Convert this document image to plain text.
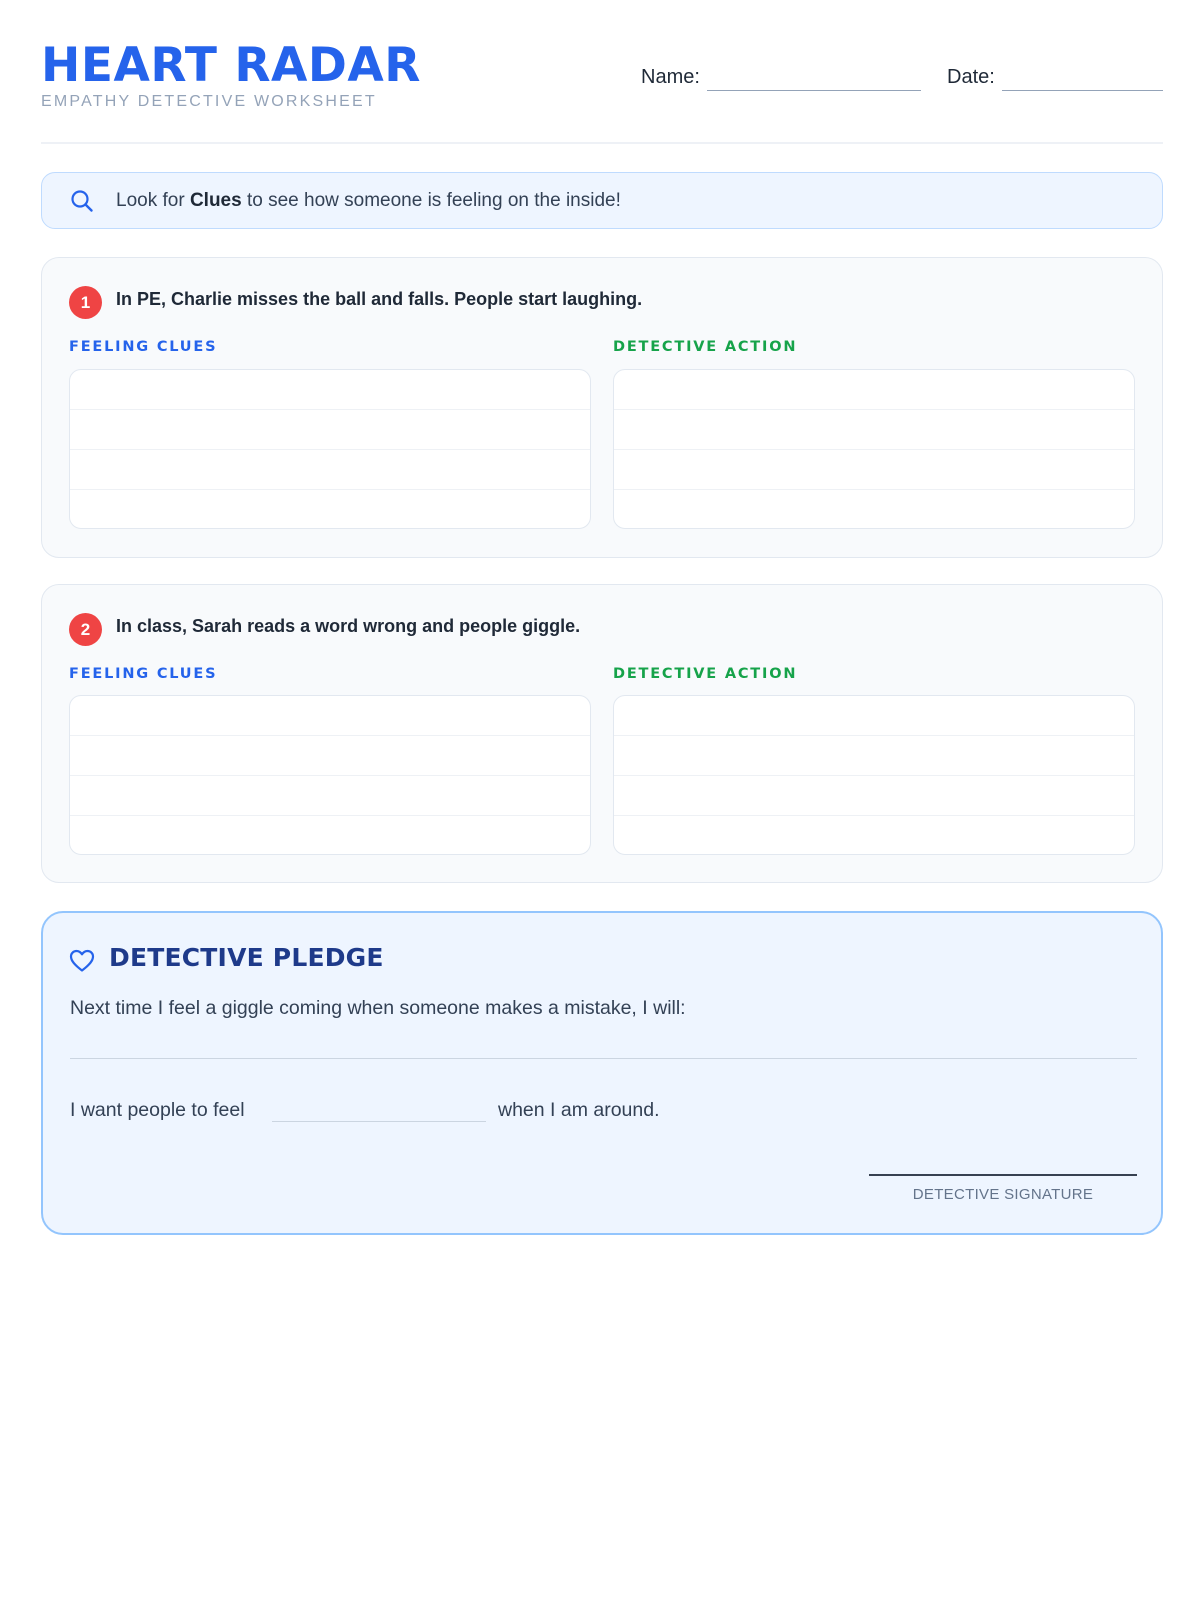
HEART RADAR
EMPATHY DETECTIVE WORKSHEET
Name:	Date:
Look for Clues to see how someone is feeling on the inside!
1	In PE, Charlie misses the ball and falls. People start laughing.
FEELING CLUES	DETECTIVE ACTION
2	In class, Sarah reads a word wrong and people giggle.
FEELING CLUES	DETECTIVE ACTION
DETECTIVE PLEDGE
Next time I feel a giggle coming when someone makes a mistake, I will:
I want people to feel	when I am around.
DETECTIVE SIGNATURE
